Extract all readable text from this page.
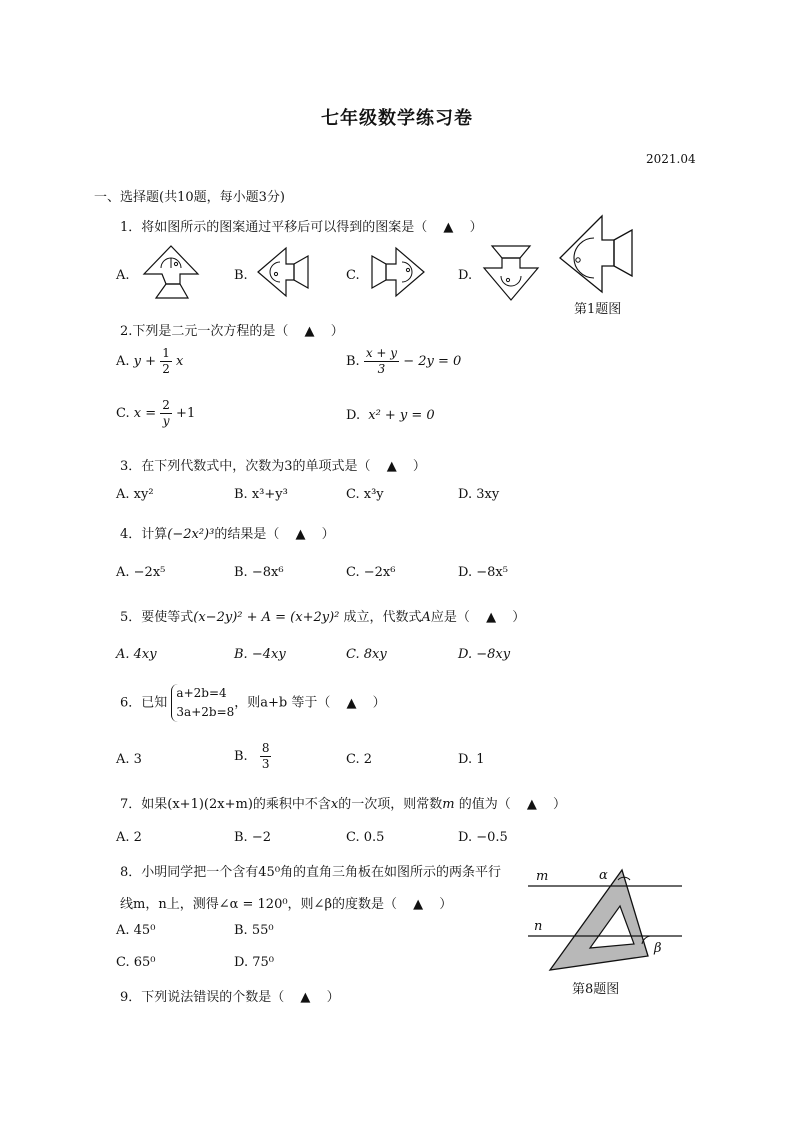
七年级数学练习卷
2021.04
一、选择题(共10题，每小题3分)
1．将如图所示的图案通过平移后可以得到的图案是（ ▲ ）
A.	B.	C.	D.
第1题图
2.下列是二元一次方程的是（ ▲ ）
A. $y + \frac{1}{2}$ x	B. $\frac{x + y}{3} - 2y = 0$
C. $x = \frac{2}{y} +1$	D. x² + y = 0
3．在下列代数式中，次数为3的单项式是（ ▲ ）
A. xy²	B. x³+y³	C. x³y	D. 3xy
4．计算(−2x²)³的结果是（ ▲ ）
A. −2x⁵	B. −8x⁶	C. −2x⁶	D. −8x⁵
5．要使等式(x−2y)² + A = (x+2y)² 成立，代数式A应是（ ▲ ）
A. 4xy	B. −4xy	C. 8xy	D. −8xy
6．已知
a+2b=4
3a+2b=8
，则a+b 等于（ ▲ ）
A. 3	B. $\frac{8}{3}$	C. 2	D. 1
7．如果(x+1)(2x+m)的乘积中不含x的一次项，则常数m 的值为（ ▲ ）
A. 2	B. −2	C. 0.5	D. −0.5
8．小明同学把一个含有45⁰角的直角三角板在如图所示的两条平行
线m，n上，测得∠α = 120⁰，则∠β的度数是（ ▲ ）
A. 45⁰	B. 55⁰
C. 65⁰	D. 75⁰
m
n
α
β
第8题图
9．下列说法错误的个数是（ ▲ ）
